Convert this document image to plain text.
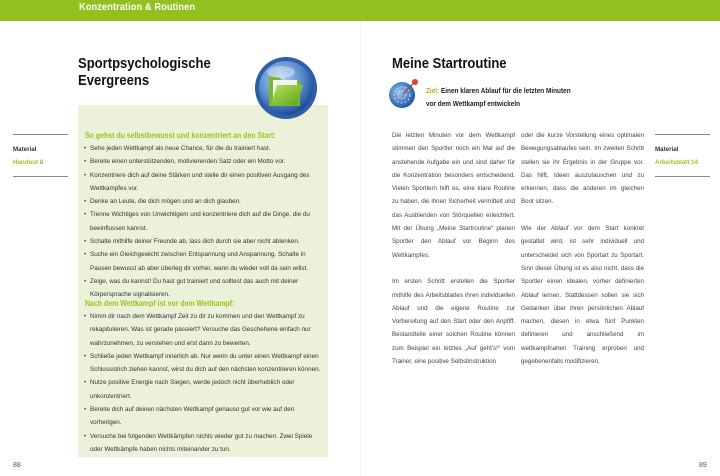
Konzentration & Routinen
Sportpsychologische
Evergreens
Material
Handout 8
So gehst du selbstbewusst und konzentriert an den Start:
• Sehe jeden Wettkampf als neue Chance, für die du trainiert hast.
• Bereite einen unterstützenden, motivierenden Satz oder ein Motto vor.
• Konzentriere dich auf deine Stärken und stelle dir einen positiven Ausgang des Wettkampfes vor.
• Denke an Leute, die dich mögen und an dich glauben.
• Trenne Wichtiges von Unwichtigem und konzentriere dich auf die Dinge, die du beeinflussen kannst.
• Schalte mithilfe deiner Freunde ab, lass dich durch sie aber nicht ablenken.
• Suche ein Gleichgewicht zwischen Entspannung und Anspannung. Schalte in Pausen bewusst ab aber überleg dir vorher, wann du wieder voll da sein willst.
• Zeige, was du kannst! Du hast gut trainiert und solltest das auch mit deiner Körpersprache signalisieren.
Nach dem Wettkampf ist vor dem Wettkampf:
• Nimm dir nach dem Wettkampf Zeit zu dir zu kommen und den Wettkampf zu rekapitulieren. Was ist gerade passiert? Versuche das Geschehene einfach nur wahrzunehmen, zu verstehen und erst dann zu bewerten.
• Schließe jeden Wettkampf innerlich ab. Nur wenn du unter einen Wettkampf einen Schlussstrich ziehen kannst, wirst du dich auf den nächsten konzentrieren können.
• Nutze positive Energie nach Siegen, werde jedoch nicht überheblich oder unkonzentriert.
• Bereite dich auf deinen nächsten Wettkampf genauso gut vor wie auf den vorherigen.
• Versuche bei folgenden Wettkämpfen nichts wieder gut zu machen. Zwei Spiele oder Wettkämpfe haben nichts miteinander zu tun.
88
Meine Startroutine
Ziel: Einen klaren Ablauf für die letzten Minuten
vor dem Wettkampf entwickeln

Die letzten Minuten vor dem Wettkampf stimmen den Sportler noch ein Mal auf die anstehende Aufgabe ein und sind daher für die Konzentration besonders entscheidend. Vielen Sportlern hilft es, eine klare Routine zu haben, die ihnen Sicherheit vermittelt und das Ausblenden von Störquellen erleichtert. Mit der Übung „Meine Startroutine“ planen Sportler den Ablauf vor Beginn des Wettkampfes.

Im ersten Schritt erstellen die Sportler mithilfe des Arbeitsblattes ihren individuellen Ablauf und die eigene Routine zur Vorbereitung auf den Start oder den Anpfiff. Bestandteile einer solchen Routine können zum Beispiel ein letztes „Auf geht’s!“ vom Trainer, eine positive Selbstinstruktion

oder die kurze Vorstellung eines optimalen Bewegungsablaufes sein. Im zweiten Schritt stellen sie ihr Ergebnis in der Gruppe vor. Das hilft, Ideen auszutauschen und zu erkennen, dass die anderen im gleichen Boot sitzen.

Wie der Ablauf vor dem Start konkret gestaltet wird, ist sehr individuell und unterscheidet sich von Sportart zu Sportart. Sinn dieser Übung ist es also nicht, dass die Sportler einen idealen, vorher definierten Ablauf lernen. Stattdessen sollen sie sich Gedanken über ihren persönlichen Ablauf machen, diesen in etwa fünf Punkten definieren und anschließend im wettkampfnahen Training erproben und gegebenenfalls modifizieren.

Material
Arbeitsblatt 14
89
